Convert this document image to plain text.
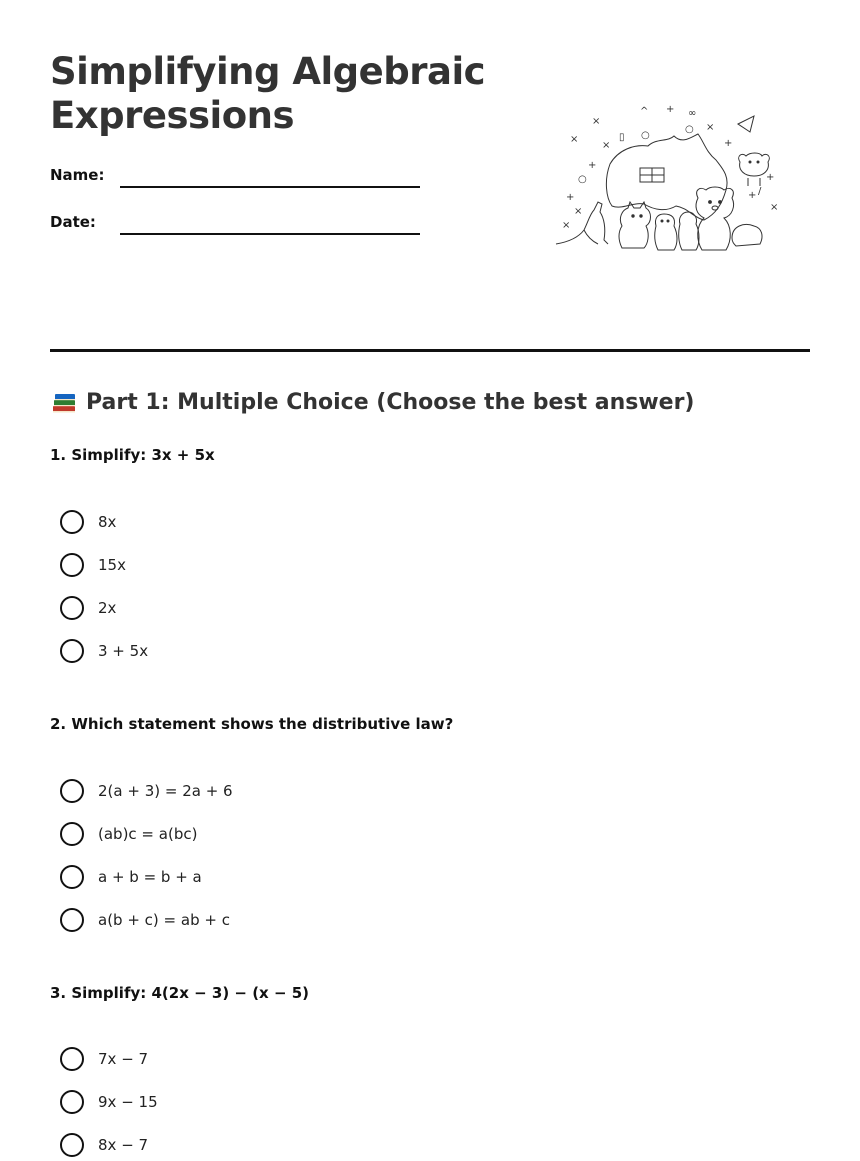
Simplifying Algebraic
Expressions
Name:
Date:
×
^ + ∞
○ ×
×
×
▯ ○
+
○
+
+
×
×
+
+
×
/
Part 1: Multiple Choice (Choose the best answer)
1. Simplify: 3x + 5x
8x
15x
2x
3 + 5x
2. Which statement shows the distributive law?
2(a + 3) = 2a + 6
(ab)c = a(bc)
a + b = b + a
a(b + c) = ab + c
3. Simplify: 4(2x − 3) − (x − 5)
7x − 7
9x − 15
8x − 7
